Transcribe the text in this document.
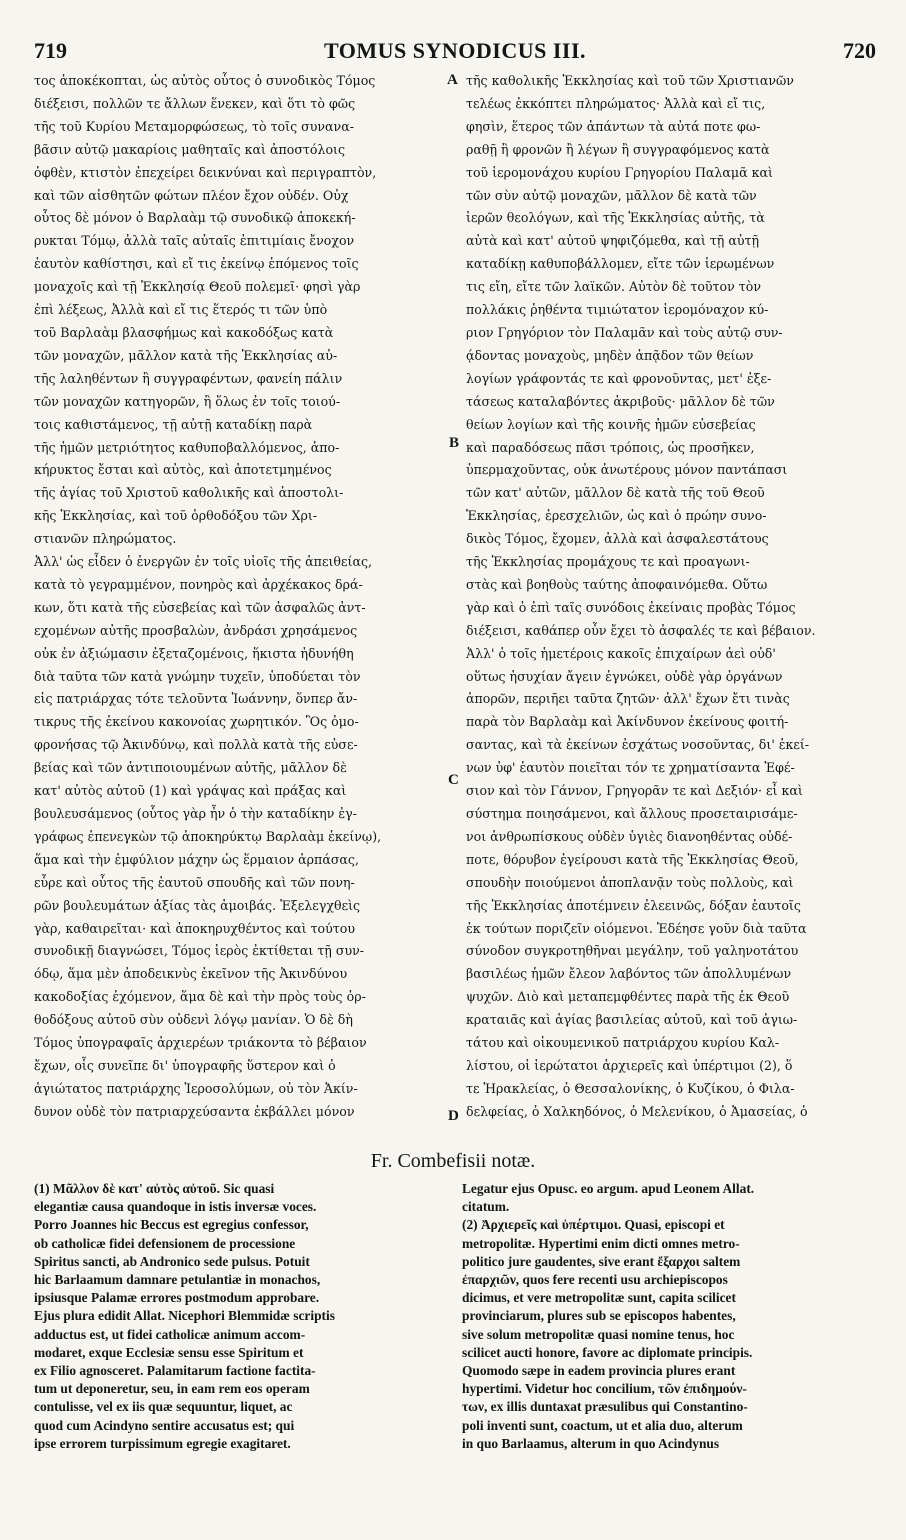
TOMUS SYNODICUS III.
719	720
τος ἀποκέκοπται, ὡς αὐτὸς οὗτος ὁ συνοδικὸς Τόμος
διέξεισι, πολλῶν τε ἄλλων ἕνεκεν, καὶ ὅτι τὸ φῶς
τῆς τοῦ Κυρίου Μεταμορφώσεως, τὸ τοῖς συνανα-
βᾶσιν αὐτῷ μακαρίοις μαθηταῖς καὶ ἀποστόλοις
ὀφθὲν, κτιστὸν ἐπεχείρει δεικνύναι καὶ περιγραπτὸν,
καὶ τῶν αἰσθητῶν φώτων πλέον ἔχον οὐδέν. Οὐχ
οὗτος δὲ μόνον ὁ Βαρλαὰμ τῷ συνοδικῷ ἀποκεκή-
ρυκται Τόμῳ, ἀλλὰ ταῖς αὐταῖς ἐπιτιμίαις ἔνοχον
ἑαυτὸν καθίστησι, καὶ εἴ τις ἐκείνῳ ἑπόμενος τοῖς
μοναχοῖς καὶ τῇ Ἐκκλησίᾳ Θεοῦ πολεμεῖ· φησὶ γὰρ
ἐπὶ λέξεως, Ἀλλὰ καὶ εἴ τις ἕτερός τι τῶν ὑπὸ
τοῦ Βαρλαὰμ βλασφήμως καὶ κακοδόξως κατὰ
τῶν μοναχῶν, μᾶλλον κατὰ τῆς Ἐκκλησίας αὐ-
τῆς λαληθέντων ἢ συγγραφέντων, φανείη πάλιν
τῶν μοναχῶν κατηγορῶν, ἢ ὅλως ἐν τοῖς τοιού-
τοις καθιστάμενος, τῇ αὐτῇ καταδίκῃ παρὰ
τῆς ἡμῶν μετριότητος καθυποβαλλόμενος, ἀπο-
κήρυκτος ἔσται καὶ αὐτὸς, καὶ ἀποτετμημένος
τῆς ἁγίας τοῦ Χριστοῦ καθολικῆς καὶ ἀποστολι-
κῆς Ἐκκλησίας, καὶ τοῦ ὀρθοδόξου τῶν Χρι-
στιανῶν πληρώματος.
Ἀλλ' ὡς εἶδεν ὁ ἐνεργῶν ἐν τοῖς υἱοῖς τῆς ἀπειθείας,
κατὰ τὸ γεγραμμένον, πονηρὸς καὶ ἀρχέκακος δρά-
κων, ὅτι κατὰ τῆς εὐσεβείας καὶ τῶν ἀσφαλῶς ἀντ-
εχομένων αὐτῆς προσβαλὼν, ἀνδράσι χρησάμενος
οὐκ ἐν ἀξιώμασιν ἐξεταζομένοις, ἥκιστα ἠδυνήθη
διὰ ταῦτα τῶν κατὰ γνώμην τυχεῖν, ὑποδύεται τὸν
εἰς πατριάρχας τότε τελοῦντα Ἰωάννην, ὅνπερ ἄν-
τικρυς τῆς ἐκείνου κακονοίας χωρητικόν. Ὃς ὁμο-
φρονήσας τῷ Ἀκινδύνῳ, καὶ πολλὰ κατὰ τῆς εὐσε-
βείας καὶ τῶν ἀντιποιουμένων αὐτῆς, μᾶλλον δὲ
κατ' αὐτὸς αὐτοῦ (1) καὶ γράψας καὶ πράξας καὶ
βουλευσάμενος (οὗτος γὰρ ἦν ὁ τὴν καταδίκην ἐγ-
γράφως ἐπενεγκὼν τῷ ἀποκηρύκτῳ Βαρλαὰμ ἐκείνῳ),
ἅμα καὶ τὴν ἐμφύλιον μάχην ὡς ἕρμαιον ἁρπάσας,
εὗρε καὶ οὗτος τῆς ἑαυτοῦ σπουδῆς καὶ τῶν πονη-
ρῶν βουλευμάτων ἀξίας τὰς ἀμοιβάς. Ἐξελεγχθεὶς
γὰρ, καθαιρεῖται· καὶ ἀποκηρυχθέντος καὶ τούτου
συνοδικῇ διαγνώσει, Τόμος ἱερὸς ἐκτίθεται τῇ συν-
όδῳ, ἅμα μὲν ἀποδεικνὺς ἐκεῖνον τῆς Ἀκινδύνου
κακοδοξίας ἐχόμενον, ἅμα δὲ καὶ τὴν πρὸς τοὺς ὀρ-
θοδόξους αὐτοῦ σὺν οὐδενὶ λόγῳ μανίαν. Ὁ δὲ δὴ
Τόμος ὑπογραφαῖς ἀρχιερέων τριάκοντα τὸ βέβαιον
ἔχων, οἷς συνεῖπε δι' ὑπογραφῆς ὕστερον καὶ ὁ
ἁγιώτατος πατριάρχης Ἱεροσολύμων, οὐ τὸν Ἀκίν-
δυνον οὐδὲ τὸν πατριαρχεύσαντα ἐκβάλλει μόνον
τῆς καθολικῆς Ἐκκλησίας καὶ τοῦ τῶν Χριστιανῶν
τελέως ἐκκόπτει πληρώματος· Ἀλλὰ καὶ εἴ τις,
φησὶν, ἕτερος τῶν ἁπάντων τὰ αὐτά ποτε φω-
ραθῇ ἢ φρονῶν ἢ λέγων ἢ συγγραφόμενος κατὰ
τοῦ ἱερομονάχου κυρίου Γρηγορίου Παλαμᾶ καὶ
τῶν σὺν αὐτῷ μοναχῶν, μᾶλλον δὲ κατὰ τῶν
ἱερῶν θεολόγων, καὶ τῆς Ἐκκλησίας αὐτῆς, τὰ
αὐτὰ καὶ κατ' αὐτοῦ ψηφιζόμεθα, καὶ τῇ αὐτῇ
καταδίκῃ καθυποβάλλομεν, εἴτε τῶν ἱερωμένων
τις εἴη, εἴτε τῶν λαϊκῶν. Αὐτὸν δὲ τοῦτον τὸν
πολλάκις ῥηθέντα τιμιώτατον ἱερομόναχον κύ-
ριον Γρηγόριον τὸν Παλαμᾶν καὶ τοὺς αὐτῷ συν-
ᾴδοντας μοναχοὺς, μηδὲν ἀπᾷδον τῶν θείων
λογίων γράφοντάς τε καὶ φρονοῦντας, μετ' ἐξε-
τάσεως καταλαβόντες ἀκριβοῦς· μᾶλλον δὲ τῶν
θείων λογίων καὶ τῆς κοινῆς ἡμῶν εὐσεβείας
καὶ παραδόσεως πᾶσι τρόποις, ὡς προσῆκεν,
ὑπερμαχοῦντας, οὐκ ἀνωτέρους μόνον παντάπασι
τῶν κατ' αὐτῶν, μᾶλλον δὲ κατὰ τῆς τοῦ Θεοῦ
Ἐκκλησίας, ἐρεσχελιῶν, ὡς καὶ ὁ πρώην συνο-
δικὸς Τόμος, ἔχομεν, ἀλλὰ καὶ ἀσφαλεστάτους
τῆς Ἐκκλησίας προμάχους τε καὶ προαγωνι-
στὰς καὶ βοηθοὺς ταύτης ἀποφαινόμεθα. Οὕτω
γὰρ καὶ ὁ ἐπὶ ταῖς συνόδοις ἐκείναις προβὰς Τόμος
διέξεισι, καθάπερ οὖν ἔχει τὸ ἀσφαλές τε καὶ βέβαιον.
Ἀλλ' ὁ τοῖς ἡμετέροις κακοῖς ἐπιχαίρων ἀεὶ οὐδ'
οὕτως ἡσυχίαν ἄγειν ἐγνώκει, οὐδὲ γὰρ ὀργάνων
ἀπορῶν, περιῆει ταῦτα ζητῶν· ἀλλ' ἔχων ἔτι τινὰς
παρὰ τὸν Βαρλαὰμ καὶ Ἀκίνδυνον ἐκείνους φοιτή-
σαντας, καὶ τὰ ἐκείνων ἐσχάτως νοσοῦντας, δι' ἐκεί-
νων ὑφ' ἑαυτὸν ποιεῖται τόν τε χρηματίσαντα Ἐφέ-
σιον καὶ τὸν Γάννον, Γρηγορᾶν τε καὶ Δεξιόν· εἶ καὶ
σύστημα ποιησάμενοι, καὶ ἄλλους προσεταιρισάμε-
νοι ἀνθρωπίσκους οὐδὲν ὑγιὲς διανοηθέντας οὐδέ-
ποτε, θόρυβον ἐγείρουσι κατὰ τῆς Ἐκκλησίας Θεοῦ,
σπουδὴν ποιούμενοι ἀποπλανᾷν τοὺς πολλοὺς, καὶ
τῆς Ἐκκλησίας ἀποτέμνειν ἐλεεινῶς, δόξαν ἑαυτοῖς
ἐκ τούτων ποριζεῖν οἰόμενοι. Ἐδέησε γοῦν διὰ ταῦτα
σύνοδον συγκροτηθῆναι μεγάλην, τοῦ γαληνοτάτου
βασιλέως ἡμῶν ἔλεον λαβόντος τῶν ἀπολλυμένων
ψυχῶν. Διὸ καὶ μεταπεμφθέντες παρὰ τῆς ἐκ Θεοῦ
κραταιᾶς καὶ ἁγίας βασιλείας αὐτοῦ, καὶ τοῦ ἁγιω-
τάτου καὶ οἰκουμενικοῦ πατριάρχου κυρίου Καλ-
λίστου, οἱ ἱερώτατοι ἀρχιερεῖς καὶ ὑπέρτιμοι (2), ὅ
τε Ἡρακλείας, ὁ Θεσσαλονίκης, ὁ Κυζίκου, ὁ Φιλα-
δελφείας, ὁ Χαλκηδόνος, ὁ Μελενίκου, ὁ Ἀμασείας, ὁ
A
B
C
D
Fr. Combefisii notæ.
(1) Μᾶλλον δὲ κατ' αὐτὸς αὐτοῦ. Sic quasi
elegantiæ causa quandoque in istis inversæ voces.
Porro Joannes hic Beccus est egregius confessor,
ob catholicæ fidei defensionem de processione
Spiritus sancti, ab Andronico sede pulsus. Potuit
hic Barlaamum damnare petulantiæ in monachos,
ipsiusque Palamæ errores postmodum approbare.
Ejus plura edidit Allat. Nicephori Blemmidæ scriptis
adductus est, ut fidei catholicæ animum accom-
modaret, exque Ecclesiæ sensu esse Spiritum et
ex Filio agnosceret. Palamitarum factione factita-
tum ut deponeretur, seu, in eam rem eos operam
contulisse, vel ex iis quæ sequuntur, liquet, ac
quod cum Acindyno sentire accusatus est; qui
ipse errorem turpissimum egregie exagitaret.
Legatur ejus Opusc. eo argum. apud Leonem Allat.
citatum.
(2) Ἀρχιερεῖς καὶ ὑπέρτιμοι. Quasi, episcopi et
metropolitæ. Hypertimi enim dicti omnes metro-
politico jure gaudentes, sive erant ἔξαρχοι saltem
ἐπαρχιῶν, quos fere recenti usu archiepiscopos
dicimus, et vere metropolitæ sunt, capita scilicet
provinciarum, plures sub se episcopos habentes,
sive solum metropolitæ quasi nomine tenus, hoc
scilicet aucti honore, favore ac diplomate principis.
Quomodo sæpe in eadem provincia plures erant
hypertimi. Videtur hoc concilium, τῶν ἐπιδημούν-
των, ex illis duntaxat præsulibus qui Constantino-
poli inventi sunt, coactum, ut et alia duo, alterum
in quo Barlaamus, alterum in quo Acindynus
